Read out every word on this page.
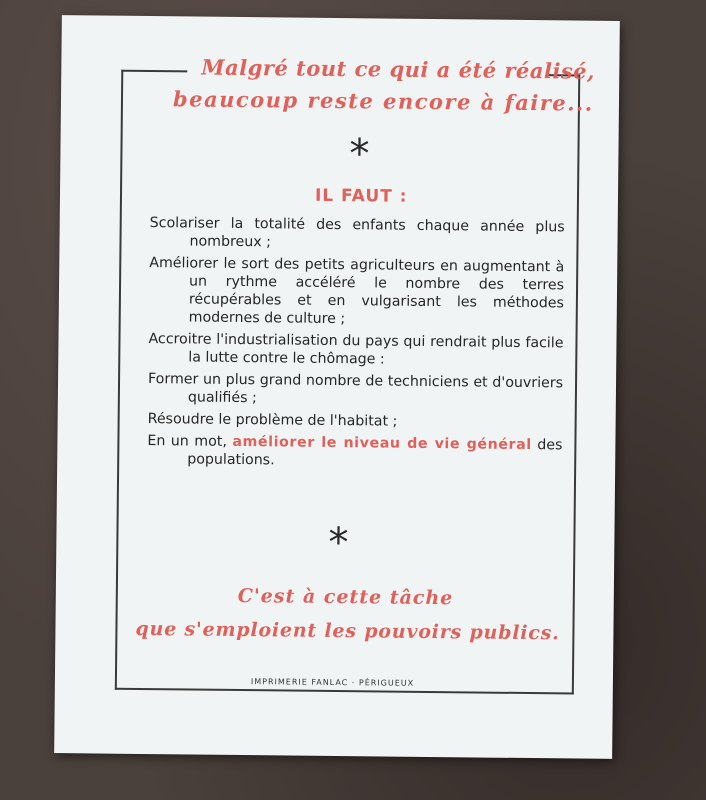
Malgré tout ce qui a été réalisé,
beaucoup reste encore à faire...
*
IL FAUT :
Scolariser la totalité des enfants chaque année plus nombreux ;
Améliorer le sort des petits agriculteurs en augmentant à un rythme accéléré le nombre des terres récupérables et en vulgarisant les méthodes modernes de culture ;
Accroitre l'industrialisation du pays qui rendrait plus facile la lutte contre le chômage :
Former un plus grand nombre de techniciens et d'ouvriers qualifiés ;
Résoudre le problème de l'habitat ;
En un mot, améliorer le niveau de vie général des populations.
*
C'est à cette tâche
que s'emploient les pouvoirs publics.
IMPRIMERIE FANLAC · PÉRIGUEUX
